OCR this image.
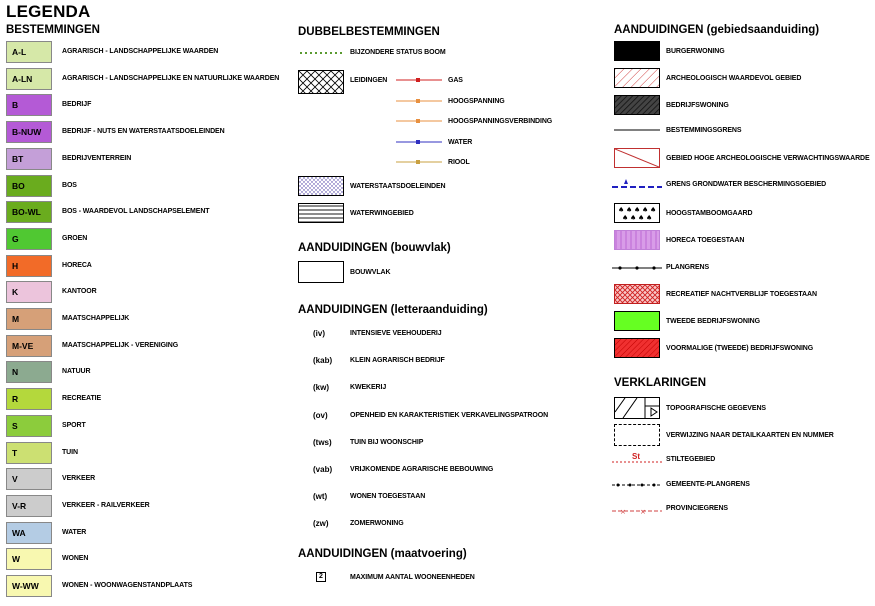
LEGENDA
BESTEMMINGEN
A-L	AGRARISCH - LANDSCHAPPELIJKE WAARDEN
A-LN	AGRARISCH - LANDSCHAPPELIJKE EN NATUURLIJKE WAARDEN
B	BEDRIJF
B-NUW	BEDRIJF - NUTS EN WATERSTAATSDOELEINDEN
BT	BEDRIJVENTERREIN
BO	BOS
BO-WL	BOS - WAARDEVOL LANDSCHAPSELEMENT
G	GROEN
H	HORECA
K	KANTOOR
M	MAATSCHAPPELIJK
M-VE	MAATSCHAPPELIJK - VERENIGING
N	NATUUR
R	RECREATIE
S	SPORT
T	TUIN
V	VERKEER
V-R	VERKEER - RAILVERKEER
WA	WATER
W	WONEN
W-WW	WONEN - WOONWAGENSTANDPLAATS
DUBBELBESTEMMINGEN
BIJZONDERE STATUS BOOM
LEIDINGEN	GAS
HOOGSPANNING
HOOGSPANNINGSVERBINDING
WATER
RIOOL
WATERSTAATSDOELEINDEN
WATERWINGEBIED
AANDUIDINGEN (bouwvlak)
BOUWVLAK
AANDUIDINGEN (letteraanduiding)
(iv)	INTENSIEVE VEEHOUDERIJ
(kab)	KLEIN AGRARISCH BEDRIJF
(kw)	KWEKERIJ
(ov)	OPENHEID EN KARAKTERISTIEK VERKAVELINGSPATROON
(tws)	TUIN BIJ WOONSCHIP
(vab)	VRIJKOMENDE AGRARISCHE BEBOUWING
(wt)	WONEN TOEGESTAAN
(zw)	ZOMERWONING
AANDUIDINGEN (maatvoering)
2	MAXIMUM AANTAL WOONEENHEDEN
AANDUIDINGEN (gebiedsaanduiding)
♠ ♠ ♠ ♠ ♠
♠ ♠ ♠ ♠
BURGERWONING
ARCHEOLOGISCH WAARDEVOL GEBIED
BEDRIJFSWONING
BESTEMMINGSGRENS
GEBIED HOGE ARCHEOLOGISCHE VERWACHTINGSWAARDE
GRENS GRONDWATER BESCHERMINGSGEBIED
HOOGSTAMBOOMGAARD
HORECA TOEGESTAAN
PLANGRENS
RECREATIEF NACHTVERBLIJF TOEGESTAAN
TWEEDE BEDRIJFSWONING
VOORMALIGE (TWEEDE) BEDRIJFSWONING
VERKLARINGEN
St
× ×
TOPOGRAFISCHE GEGEVENS
VERWIJZING NAAR DETAILKAARTEN EN NUMMER
STILTEGEBIED
GEMEENTE-PLANGRENS
PROVINCIEGRENS
